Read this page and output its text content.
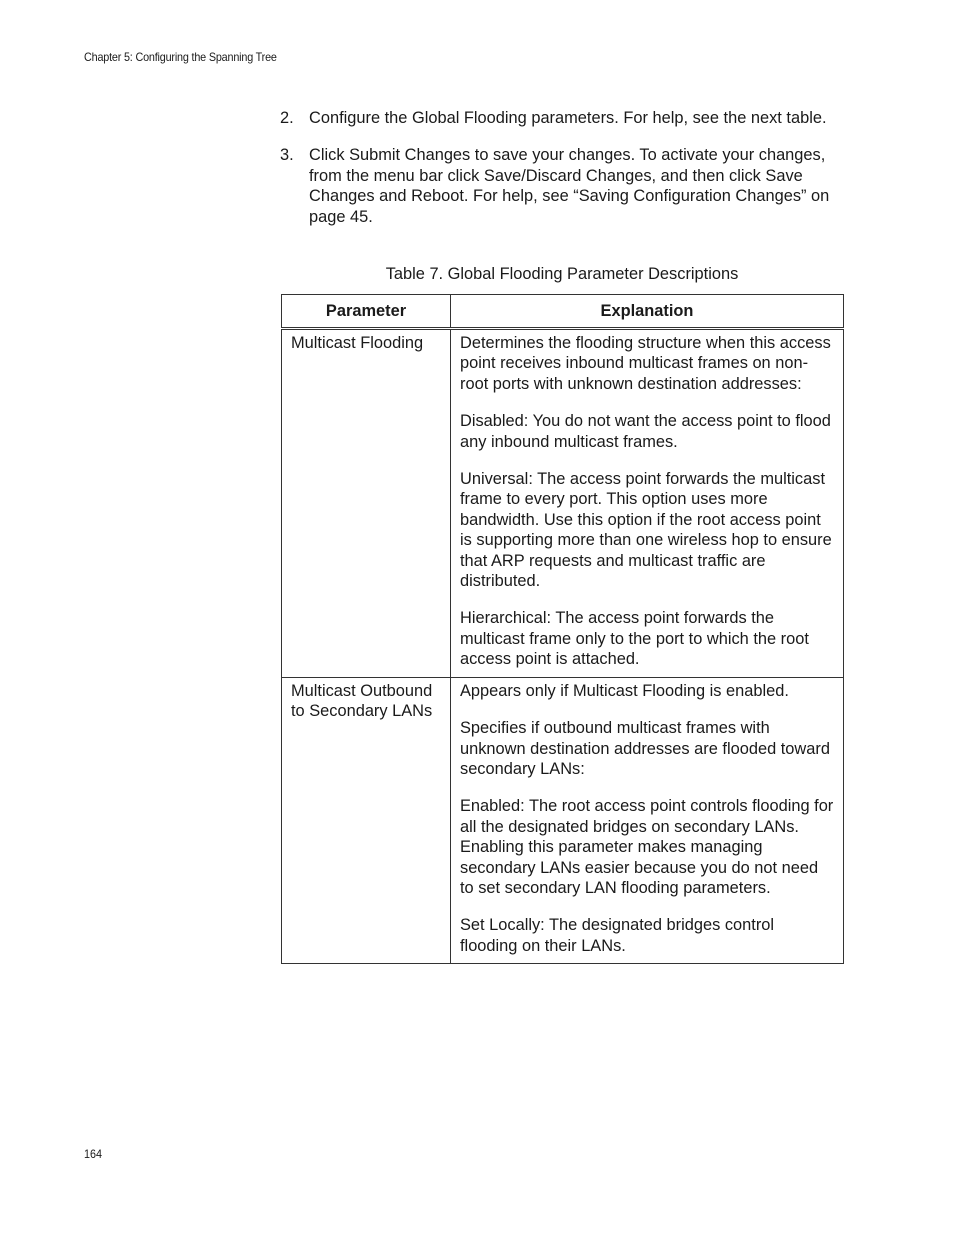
Chapter 5: Configuring the Spanning Tree
2. Configure the Global Flooding parameters. For help, see the next table.
3. Click Submit Changes to save your changes. To activate your changes, from the menu bar click Save/Discard Changes, and then click Save Changes and Reboot. For help, see “Saving Configuration Changes” on page 45.
Table 7. Global Flooding Parameter Descriptions
Parameter	Explanation
Multicast Flooding	Determines the flooding structure when this access point receives inbound multicast frames on non-root ports with unknown destination addresses:

Disabled: You do not want the access point to flood any inbound multicast frames.

Universal: The access point forwards the multicast frame to every port. This option uses more bandwidth. Use this option if the root access point is supporting more than one wireless hop to ensure that ARP requests and multicast traffic are distributed.

Hierarchical: The access point forwards the multicast frame only to the port to which the root access point is attached.

Multicast Outbound to Secondary LANs	Appears only if Multicast Flooding is enabled.

Specifies if outbound multicast frames with unknown destination addresses are flooded toward secondary LANs:

Enabled: The root access point controls flooding for all the designated bridges on secondary LANs. Enabling this parameter makes managing secondary LANs easier because you do not need to set secondary LAN flooding parameters.

Set Locally: The designated bridges control flooding on their LANs.

164
